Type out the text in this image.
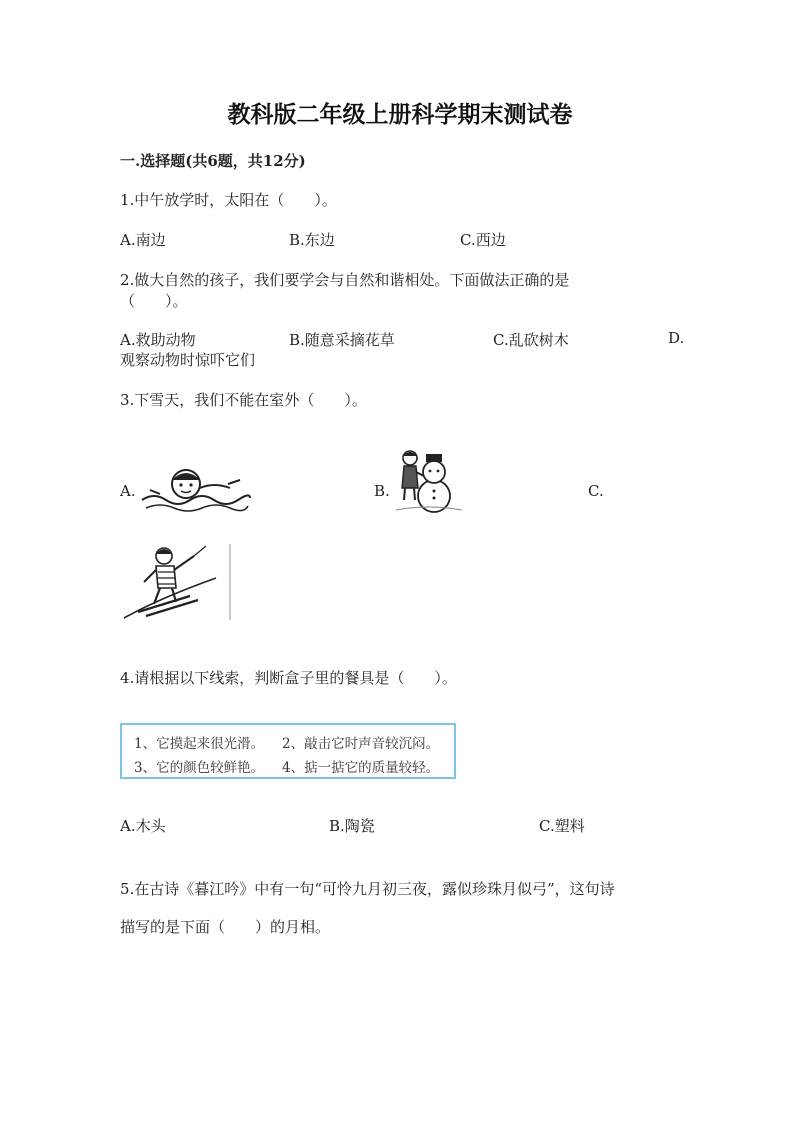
教科版二年级上册科学期末测试卷
一.选择题(共6题，共12分)
1.中午放学时，太阳在（　　）。
A.南边	B.东边	C.西边
2.做大自然的孩子，我们要学会与自然和谐相处。下面做法正确的是
（　　）。
A.救助动物	B.随意采摘花草	C.乱砍树木	D.
观察动物时惊吓它们
3.下雪天，我们不能在室外（　　）。
A.	B.	C.
4.请根据以下线索，判断盒子里的餐具是（　　）。
1、它摸起来很光滑。 2、敲击它时声音较沉闷。
3、它的颜色较鲜艳。 4、掂一掂它的质量较轻。
A.木头	B.陶瓷	C.塑料
5.在古诗《暮江吟》中有一句“可怜九月初三夜，露似珍珠月似弓”，这句诗
描写的是下面（　　）的月相。
